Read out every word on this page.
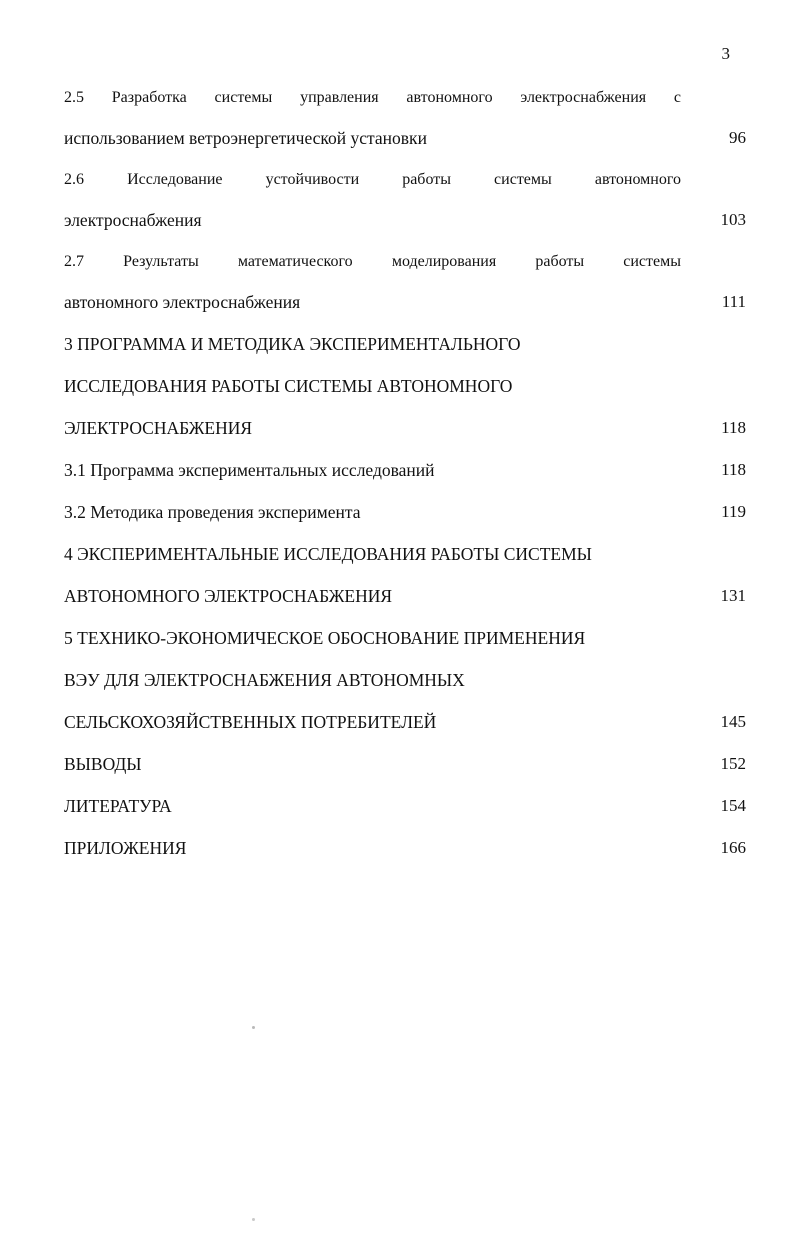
3
2.5 Разработка системы управления автономного электроснабжения с
использованием ветроэнергетической установки	96
2.6	Исследование	устойчивости	работы	системы	автономного
электроснабжения	103
2.7 Результаты математического моделирования работы системы
автономного электроснабжения	111
3 ПРОГРАММА И МЕТОДИКА ЭКСПЕРИМЕНТАЛЬНОГО
ИССЛЕДОВАНИЯ РАБОТЫ СИСТЕМЫ АВТОНОМНОГО
ЭЛЕКТРОСНАБЖЕНИЯ	118
3.1 Программа экспериментальных исследований	118
3.2 Методика проведения эксперимента	119
4 ЭКСПЕРИМЕНТАЛЬНЫЕ ИССЛЕДОВАНИЯ РАБОТЫ СИСТЕМЫ
АВТОНОМНОГО ЭЛЕКТРОСНАБЖЕНИЯ	131
5 ТЕХНИКО-ЭКОНОМИЧЕСКОЕ ОБОСНОВАНИЕ ПРИМЕНЕНИЯ
ВЭУ ДЛЯ ЭЛЕКТРОСНАБЖЕНИЯ АВТОНОМНЫХ
СЕЛЬСКОХОЗЯЙСТВЕННЫХ ПОТРЕБИТЕЛЕЙ	145
ВЫВОДЫ	152
ЛИТЕРАТУРА	154
ПРИЛОЖЕНИЯ	166
